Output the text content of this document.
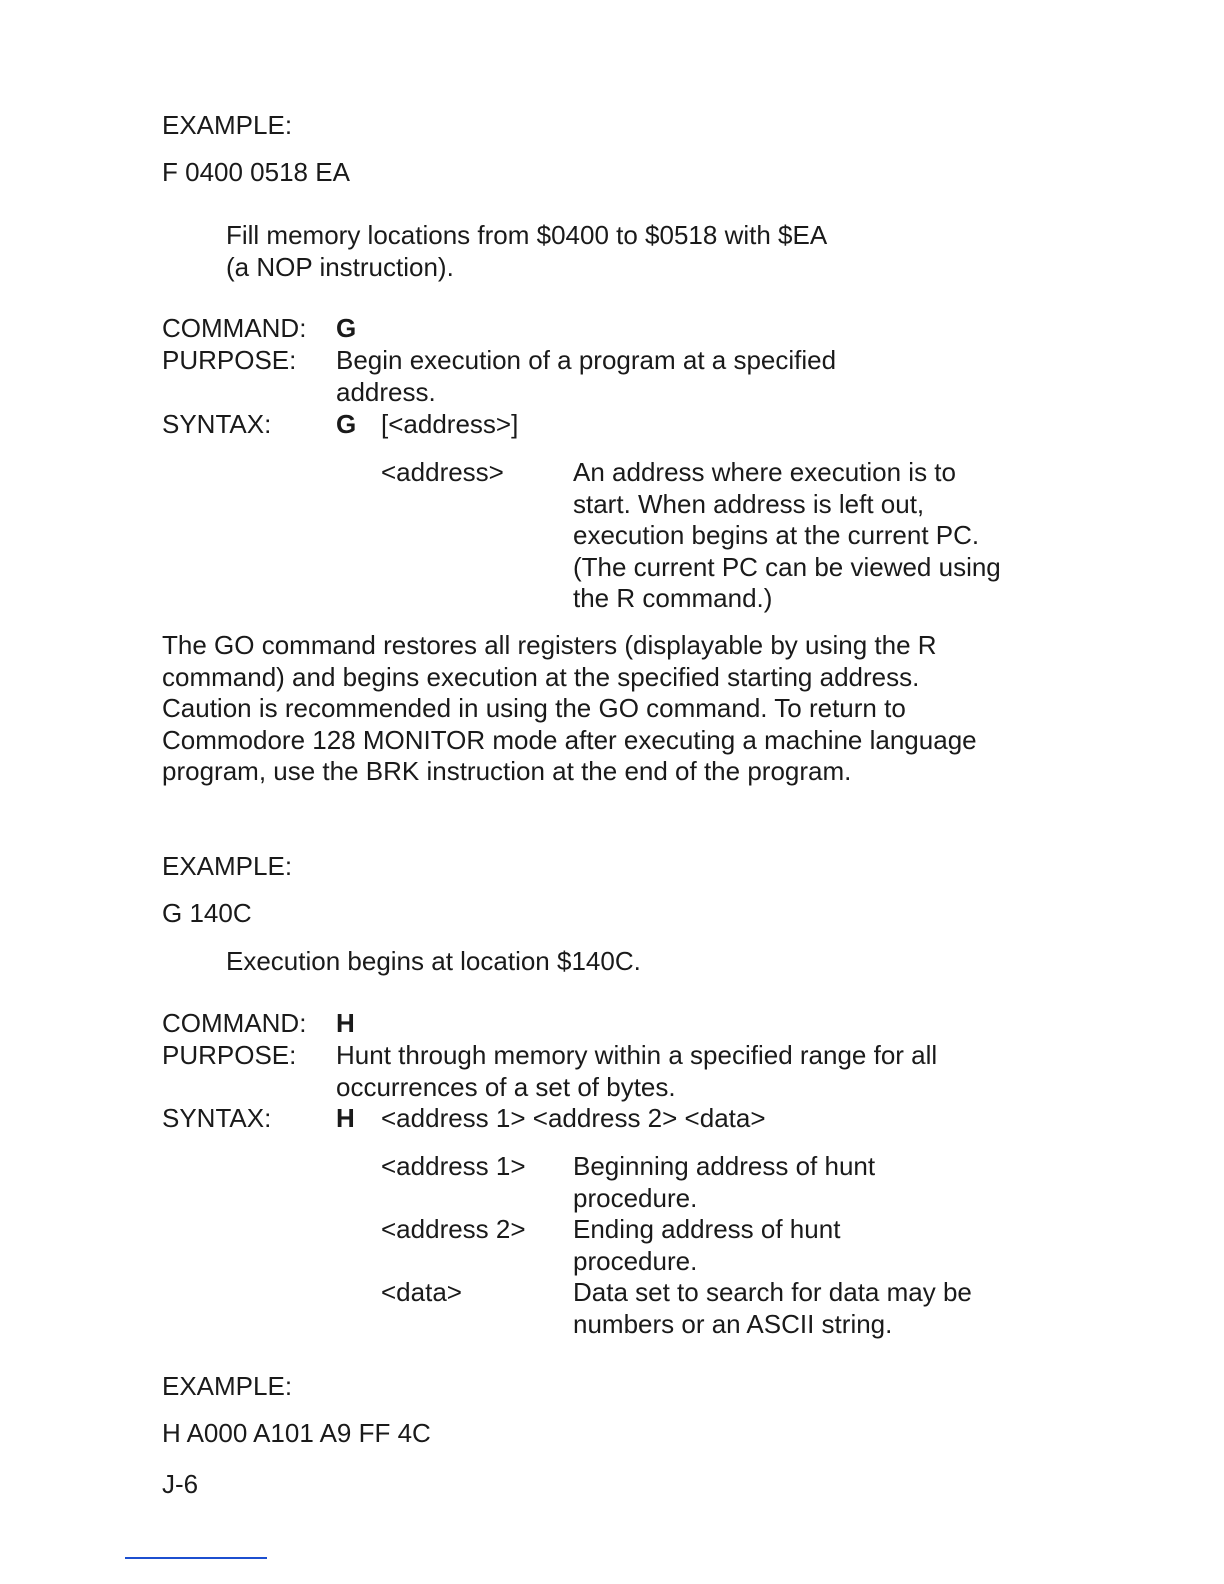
EXAMPLE:
F 0400 0518 EA
Fill memory locations from $0400 to $0518 with $EA (a NOP instruction).
COMMAND: G
PURPOSE: Begin execution of a program at a specified address.
SYNTAX: G [<address>]
<address>	An address where execution is to start. When address is left out, execution begins at the current PC. (The current PC can be viewed using the R command.)
The GO command restores all registers (displayable by using the R command) and begins execution at the specified starting address. Caution is recommended in using the GO command. To return to Commodore 128 MONITOR mode after executing a machine language program, use the BRK instruction at the end of the program.
EXAMPLE:
G 140C
Execution begins at location $140C.
COMMAND: H
PURPOSE: Hunt through memory within a specified range for all occurrences of a set of bytes.
SYNTAX: H	<address 1> <address 2> <data>
<address 1> Beginning address of hunt procedure.
<address 2> Ending address of hunt procedure.
<data>	Data set to search for data may be numbers or an ASCII string.
EXAMPLE:
H A000 A101 A9 FF 4C
J-6
